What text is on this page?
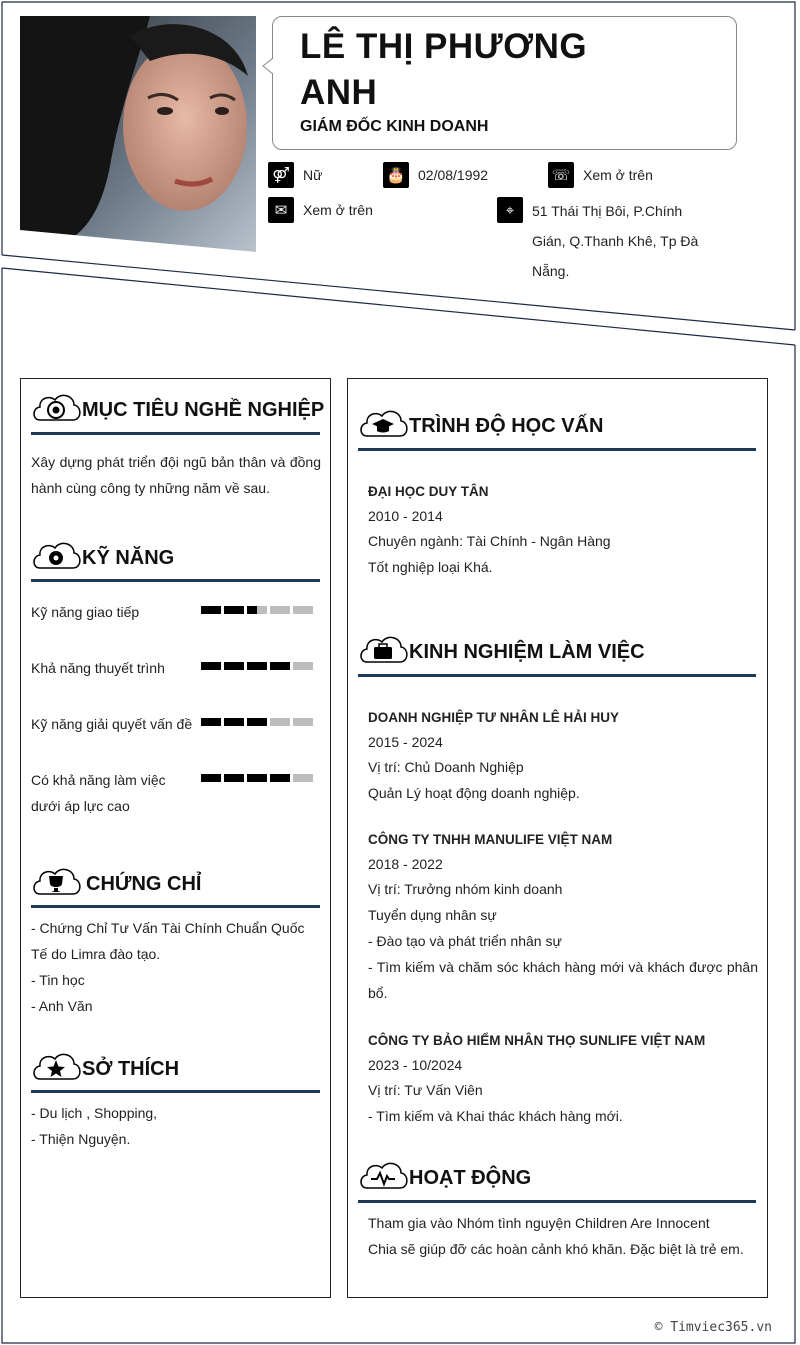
LÊ THỊ PHƯƠNG ANH
GIÁM ĐỐC KINH DOANH
⚤ Nữ	🎂 02/08/1992	☏ Xem ở trên
✉	Xem ở trên	⌖	51 Thái Thị Bôi, P.Chính Gián, Q.Thanh Khê, Tp Đà Nẵng.
MỤC TIÊU NGHỀ NGHIỆP
Xây dựng phát triển đội ngũ bản thân và đồng hành cùng công ty những năm về sau.
KỸ NĂNG
Kỹ năng giao tiếp
Khả năng thuyết trình
Kỹ năng giải quyết vấn đề
Có khả năng làm việc dưới áp lực cao
CHỨNG CHỈ
- Chứng Chỉ Tư Vấn Tài Chính Chuẩn Quốc Tế do Limra đào tạo.
- Tin học
- Anh Văn
SỞ THÍCH
- Du lịch , Shopping,
- Thiện Nguyện.
TRÌNH ĐỘ HỌC VẤN
ĐẠI HỌC DUY TÂN
2010 - 2014
Chuyên ngành: Tài Chính - Ngân Hàng
Tốt nghiệp loại Khá.
KINH NGHIỆM LÀM VIỆC
DOANH NGHIỆP TƯ NHÂN LÊ HẢI HUY
2015 - 2024
Vị trí: Chủ Doanh Nghiệp
Quản Lý hoạt động doanh nghiệp.
CÔNG TY TNHH MANULIFE VIỆT NAM
2018 - 2022
Vị trí: Trưởng nhóm kinh doanh
Tuyển dụng nhân sự
- Đào tạo và phát triển nhân sự
- Tìm kiếm và chăm sóc khách hàng mới và khách được phân bổ.
CÔNG TY BẢO HIỂM NHÂN THỌ SUNLIFE VIỆT NAM
2023 - 10/2024
Vị trí: Tư Vấn Viên
- Tìm kiếm và Khai thác khách hàng mới.
HOẠT ĐỘNG
Tham gia vào Nhóm tình nguyện Children Are Innocent
Chia sẽ giúp đỡ các hoàn cảnh khó khăn. Đặc biệt là trẻ em.
© Timviec365.vn
